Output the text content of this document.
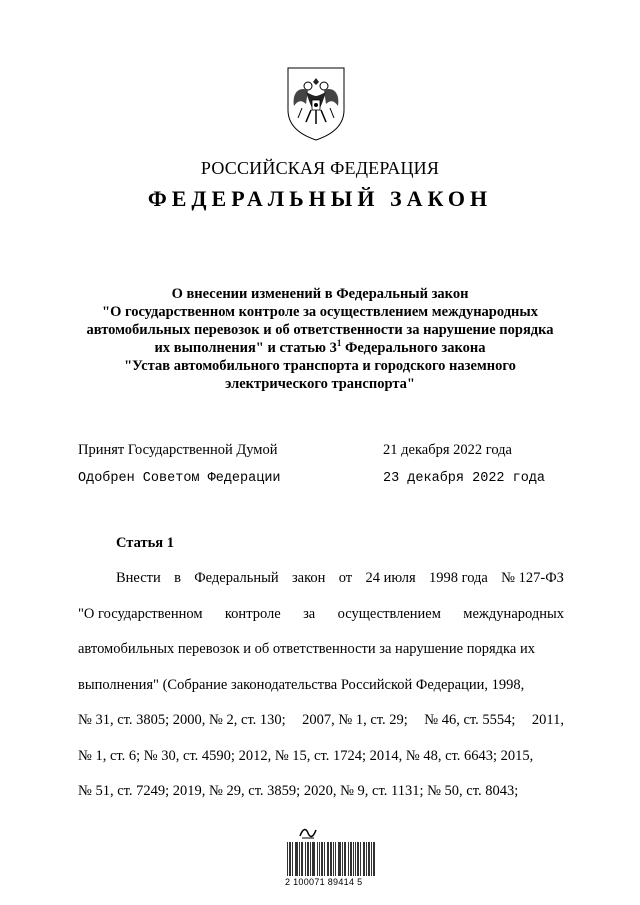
РОССИЙСКАЯ ФЕДЕРАЦИЯ
ФЕДЕРАЛЬНЫЙ ЗАКОН
О внесении изменений в Федеральный закон
"О государственном контроле за осуществлением международных
автомобильных перевозок и об ответственности за нарушение порядка
их выполнения" и статью $3^1$ Федерального закона
"Устав автомобильного транспорта и городского наземного
электрического транспорта"
Принят Государственной Думой	21 декабря 2022 года
Одобрен Советом Федерации	23 декабря 2022 года
Статья 1
Внести в Федеральный закон от 24 июля 1998 года № 127-ФЗ
"О государственном контроле за осуществлением международных
автомобильных перевозок и об ответственности за нарушение порядка их
выполнения" (Собрание законодательства Российской Федерации, 1998,
№ 31, ст. 3805; 2000, № 2, ст. 130; 2007, № 1, ст. 29; № 46, ст. 5554; 2011,
№ 1, ст. 6; № 30, ст. 4590; 2012, № 15, ст. 1724; 2014, № 48, ст. 6643; 2015,
№ 51, ст. 7249; 2019, № 29, ст. 3859; 2020, № 9, ст. 1131; № 50, ст. 8043;
2 100071 89414 5
